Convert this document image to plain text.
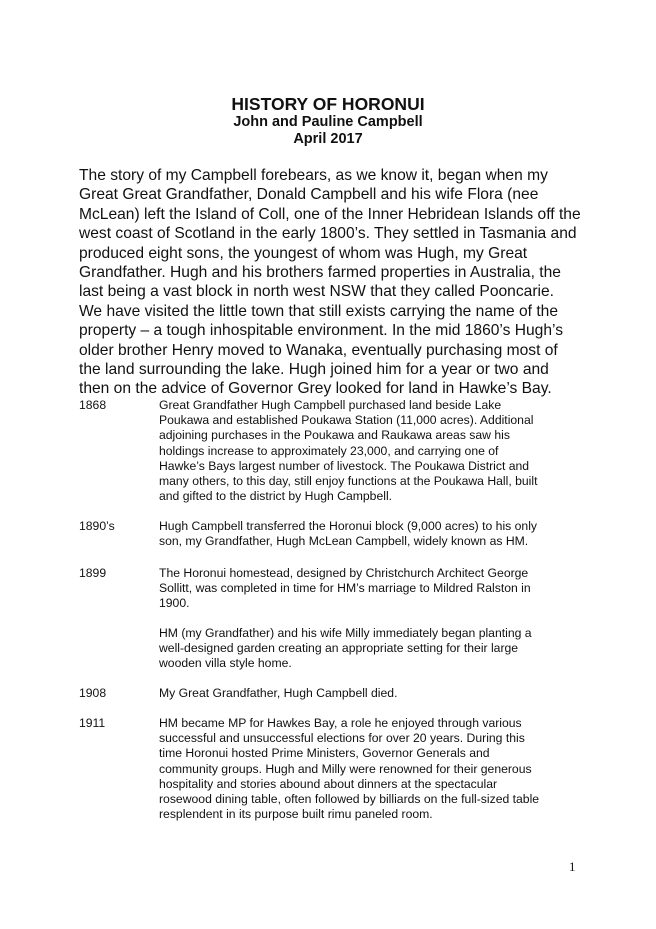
HISTORY OF HORONUI
John and Pauline Campbell
April 2017

The story of my Campbell forebears, as we know it, began when my
Great Great Grandfather, Donald Campbell and his wife Flora (nee
McLean) left the Island of Coll, one of the Inner Hebridean Islands off the
west coast of Scotland in the early 1800’s. They settled in Tasmania and
produced eight sons, the youngest of whom was Hugh, my Great
Grandfather. Hugh and his brothers farmed properties in Australia, the
last being a vast block in north west NSW that they called Pooncarie.
We have visited the little town that still exists carrying the name of the
property – a tough inhospitable environment. In the mid 1860’s Hugh’s
older brother Henry moved to Wanaka, eventually purchasing most of
the land surrounding the lake. Hugh joined him for a year or two and
then on the advice of Governor Grey looked for land in Hawke’s Bay.

1868	Great Grandfather Hugh Campbell purchased land beside Lake
Poukawa and established Poukawa Station (11,000 acres). Additional
adjoining purchases in the Poukawa and Raukawa areas saw his
holdings increase to approximately 23,000, and carrying one of
Hawke’s Bays largest number of livestock. The Poukawa District and
many others, to this day, still enjoy functions at the Poukawa Hall, built
and gifted to the district by Hugh Campbell.
1890’s	Hugh Campbell transferred the Horonui block (9,000 acres) to his only
son, my Grandfather, Hugh McLean Campbell, widely known as HM.
1899	The Horonui homestead, designed by Christchurch Architect George
Sollitt, was completed in time for HM’s marriage to Mildred Ralston in
1900.
HM (my Grandfather) and his wife Milly immediately began planting a
well-designed garden creating an appropriate setting for their large
wooden villa style home.
1908	My Great Grandfather, Hugh Campbell died.
1911	HM became MP for Hawkes Bay, a role he enjoyed through various
successful and unsuccessful elections for over 20 years. During this
time Horonui hosted Prime Ministers, Governor Generals and
community groups. Hugh and Milly were renowned for their generous
hospitality and stories abound about dinners at the spectacular
rosewood dining table, often followed by billiards on the full-sized table
resplendent in its purpose built rimu paneled room.
1
